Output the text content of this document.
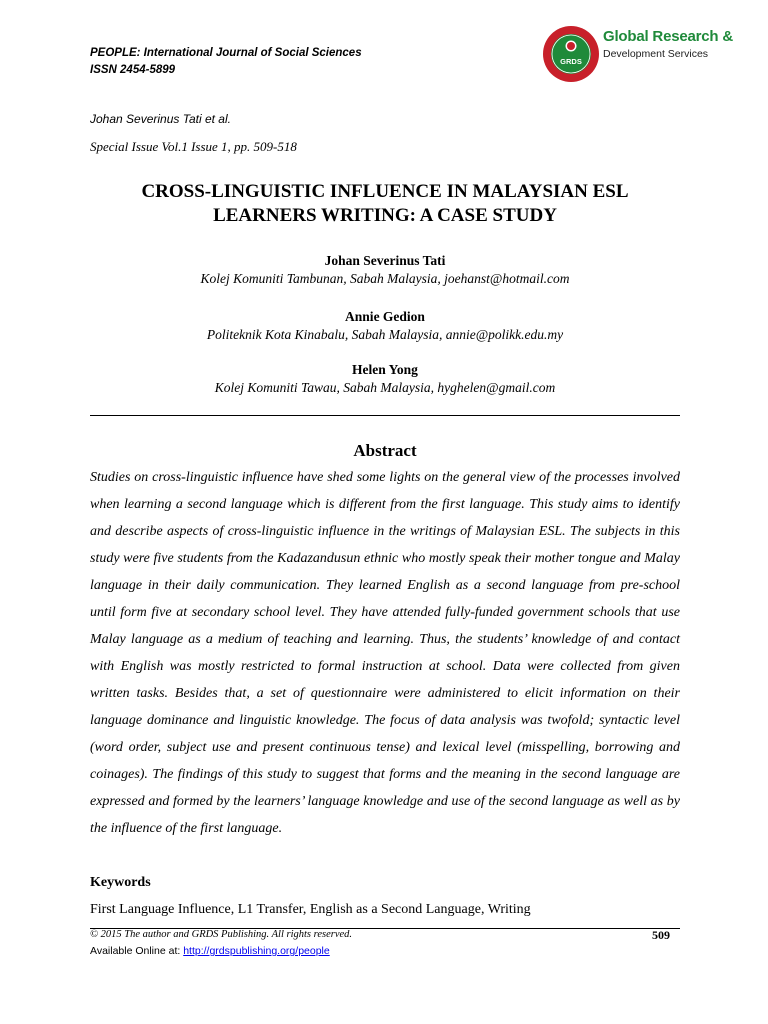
PEOPLE: International Journal of Social Sciences
ISSN 2454-5899
GRDS
Global Research &
Development Services
Johan Severinus Tati et al.
Special Issue Vol.1 Issue 1, pp. 509-518
CROSS-LINGUISTIC INFLUENCE IN MALAYSIAN ESL
LEARNERS WRITING: A CASE STUDY
Johan Severinus Tati
Kolej Komuniti Tambunan, Sabah Malaysia, joehanst@hotmail.com
Annie Gedion
Politeknik Kota Kinabalu, Sabah Malaysia, annie@polikk.edu.my
Helen Yong
Kolej Komuniti Tawau, Sabah Malaysia, hyghelen@gmail.com
Abstract
Studies on cross-linguistic influence have shed some lights on the general view of the processes involved when learning a second language which is different from the first language. This study aims to identify and describe aspects of cross-linguistic influence in the writings of Malaysian ESL. The subjects in this study were five students from the Kadazandusun ethnic who mostly speak their mother tongue and Malay language in their daily communication. They learned English as a second language from pre-school until form five at secondary school level. They have attended fully-funded government schools that use Malay language as a medium of teaching and learning. Thus, the students’ knowledge of and contact with English was mostly restricted to formal instruction at school. Data were collected from given written tasks. Besides that, a set of questionnaire were administered to elicit information on their language dominance and linguistic knowledge. The focus of data analysis was twofold; syntactic level (word order, subject use and present continuous tense) and lexical level (misspelling, borrowing and coinages). The findings of this study to suggest that forms and the meaning in the second language are expressed and formed by the learners’ language knowledge and use of the second language as well as by the influence of the first language.
Keywords
First Language Influence, L1 Transfer, English as a Second Language, Writing
© 2015 The author and GRDS Publishing. All rights reserved.	509
Available Online at: http://grdspublishing.org/people
